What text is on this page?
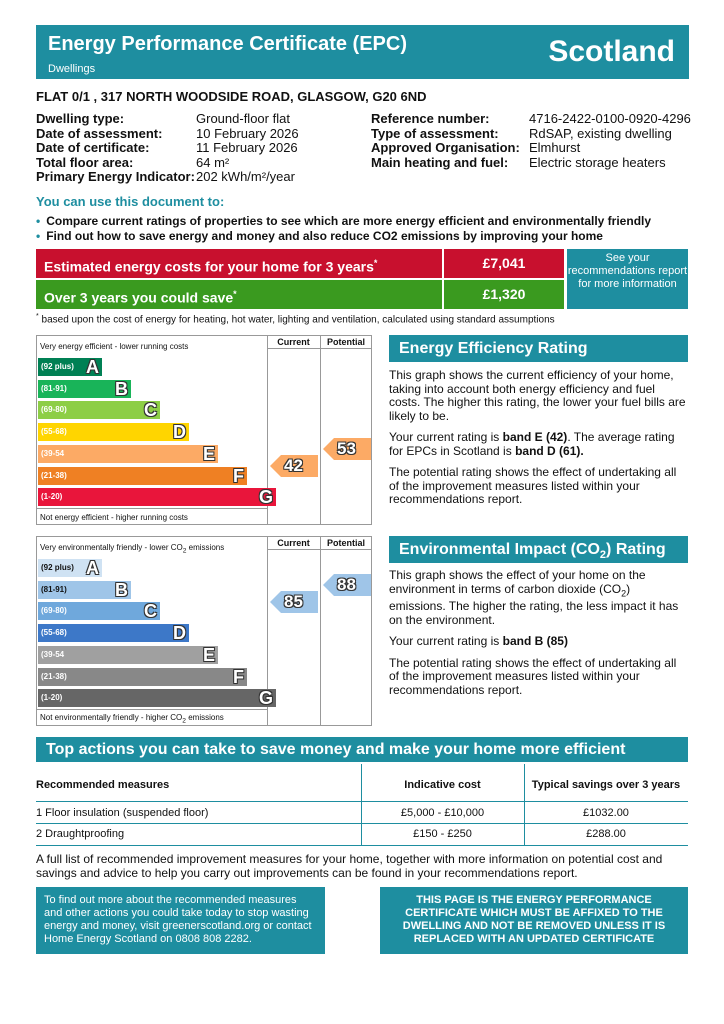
Energy Performance Certificate (EPC)
Dwellings
Scotland
FLAT 0/1 , 317 NORTH WOODSIDE ROAD, GLASGOW, G20 6ND
Dwelling type:	Ground-floor flat
Date of assessment:	10 February 2026
Date of certificate:	11 February 2026
Total floor area:	64 m²
Primary Energy Indicator: 202 kWh/m²/year
Reference number:	4716-2422-0100-0920-4296
Type of assessment:	RdSAP, existing dwelling
Approved Organisation: Elmhurst
Main heating and fuel:	Electric storage heaters
You can use this document to:
• Compare current ratings of properties to see which are more energy efficient and environmentally friendly
• Find out how to save energy and money and also reduce CO2 emissions by improving your home
Estimated energy costs for your home for 3 years*	£7,041
Over 3 years you could save*	£1,320
See your recommendations report for more information
* based upon the cost of energy for heating, hot water, lighting and ventilation, calculated using standard assumptions
Current	Potential
Very energy efficient - lower running costs
Not energy efficient - higher running costs
(92 plus) A
(81-91)	B
(69-80)	C
(55-68)	D
(39-54	E
(21-38)	F
(1-20)	G
42
53
Energy Efficiency Rating

This graph shows the current efficiency of your home, taking into account both energy efficiency and fuel costs. The higher this rating, the lower your fuel bills are likely to be.

Your current rating is band E (42). The average rating for EPCs in Scotland is band D (61).

The potential rating shows the effect of undertaking all of the improvement measures listed within your recommendations report.

Current	Potential
Very environmentally friendly - lower $CO_2$ emissions
Not environmentally friendly - higher $CO_2$ emissions
(92 plus) A
(81-91)	B
(69-80)	C
(55-68)	D
(39-54	E
(21-38)	F
(1-20)	G
85
88
Environmental Impact $(CO_2)$ Rating

This graph shows the effect of your home on the environment in terms of carbon dioxide $(CO_2)$ emissions. The higher the rating, the less impact it has on the environment.

Your current rating is band B (85)

The potential rating shows the effect of undertaking all of the improvement measures listed within your recommendations report.

Top actions you can take to save money and make your home more efficient
Recommended measures	Indicative cost	Typical savings over 3 years
1 Floor insulation (suspended floor)	£5,000 - £10,000	£1032.00
2 Draughtproofing	£150 - £250	£288.00
A full list of recommended improvement measures for your home, together with more information on potential cost and savings and advice to help you carry out improvements can be found in your recommendations report.
To find out more about the recommended measures and other actions you could take today to stop wasting energy and money, visit greenerscotland.org or contact Home Energy Scotland on 0808 808 2282.
THIS PAGE IS THE ENERGY PERFORMANCE CERTIFICATE WHICH MUST BE AFFIXED TO THE DWELLING AND NOT BE REMOVED UNLESS IT IS REPLACED WITH AN UPDATED CERTIFICATE
